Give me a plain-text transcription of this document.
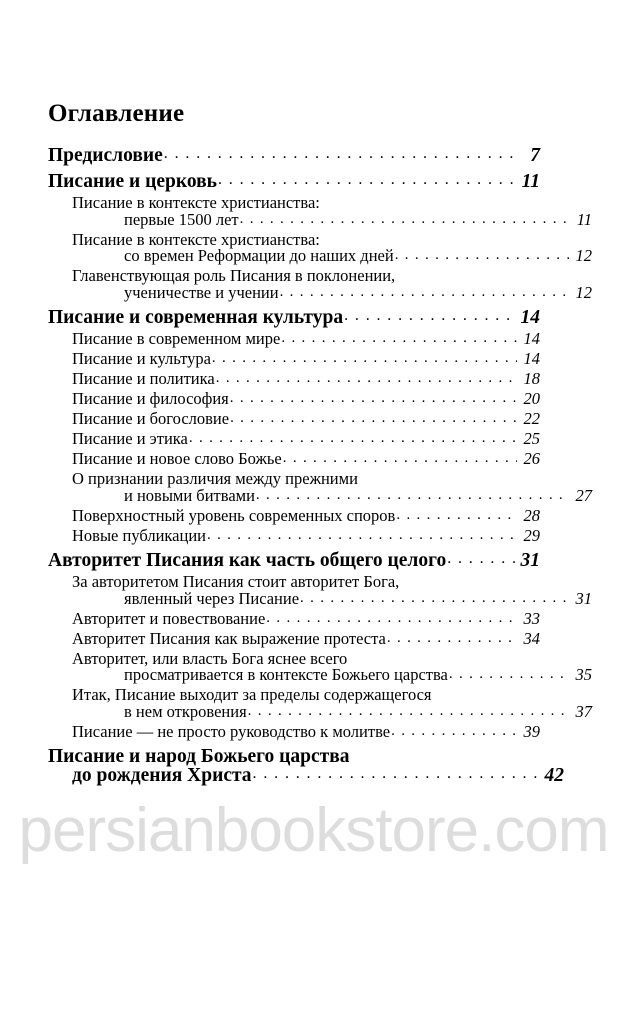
persianbookstore.com
Оглавление
Предисловие . . .	7
Писание и церковь . . .	11
Писание в контексте христианства:
первые 1500 лет . . .	11
Писание в контексте христианства:
со времен Реформации до наших дней . . .	12
Главенствующая роль Писания в поклонении,
ученичестве и учении . . .	12
Писание и современная культура . . .	14
Писание в современном мире . . .	14
Писание и культура . . .	14
Писание и политика . . .	18
Писание и философия . . .	20
Писание и богословие . . .	22
Писание и этика . . .	25
Писание и новое слово Божье . . .	26
О признании различия между прежними
и новыми битвами . . .	27
Поверхностный уровень современных споров . . .	28
Новые публикации . . .	29
Авторитет Писания как часть общего целого . . .	31
За авторитетом Писания стоит авторитет Бога,
явленный через Писание . . .	31
Авторитет и повествование . . .	33
Авторитет Писания как выражение протеста . . .	34
Авторитет, или власть Бога яснее всего
просматривается в контексте Божьего царства . . .	35
Итак, Писание выходит за пределы содержащегося
в нем откровения . . .	37
Писание — не просто руководство к молитве . . .	39
Писание и народ Божьего царства
до рождения Христа . . .	42
